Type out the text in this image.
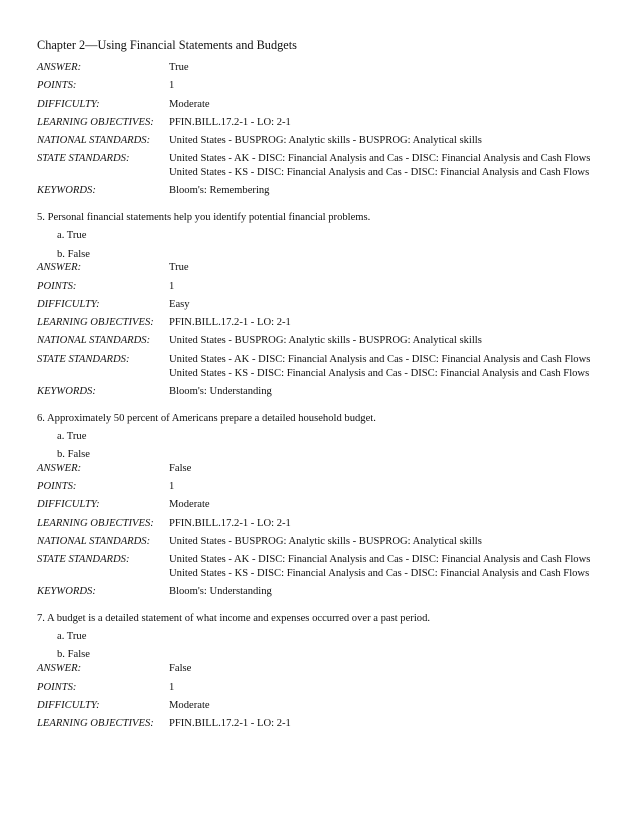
Chapter 2—Using Financial Statements and Budgets
ANSWER:	True
POINTS:	1
DIFFICULTY:	Moderate
LEARNING OBJECTIVES:	PFIN.BILL.17.2-1 - LO: 2-1
NATIONAL STANDARDS:	United States - BUSPROG: Analytic skills - BUSPROG: Analytical skills
STATE STANDARDS:	United States - AK - DISC: Financial Analysis and Cas - DISC: Financial Analysis and Cash Flows
United States - KS - DISC: Financial Analysis and Cas - DISC: Financial Analysis and Cash Flows
KEYWORDS:	Bloom's: Remembering
5. Personal financial statements help you identify potential financial problems.
a. True
b. False
ANSWER:	True
POINTS:	1
DIFFICULTY:	Easy
LEARNING OBJECTIVES:	PFIN.BILL.17.2-1 - LO: 2-1
NATIONAL STANDARDS:	United States - BUSPROG: Analytic skills - BUSPROG: Analytical skills
STATE STANDARDS:	United States - AK - DISC: Financial Analysis and Cas - DISC: Financial Analysis and Cash Flows
United States - KS - DISC: Financial Analysis and Cas - DISC: Financial Analysis and Cash Flows
KEYWORDS:	Bloom's: Understanding
6. Approximately 50 percent of Americans prepare a detailed household budget.
a. True
b. False
ANSWER:	False
POINTS:	1
DIFFICULTY:	Moderate
LEARNING OBJECTIVES:	PFIN.BILL.17.2-1 - LO: 2-1
NATIONAL STANDARDS:	United States - BUSPROG: Analytic skills - BUSPROG: Analytical skills
STATE STANDARDS:	United States - AK - DISC: Financial Analysis and Cas - DISC: Financial Analysis and Cash Flows
United States - KS - DISC: Financial Analysis and Cas - DISC: Financial Analysis and Cash Flows
KEYWORDS:	Bloom's: Understanding
7. A budget is a detailed statement of what income and expenses occurred over a past period.
a. True
b. False
ANSWER:	False
POINTS:	1
DIFFICULTY:	Moderate
LEARNING OBJECTIVES:	PFIN.BILL.17.2-1 - LO: 2-1
